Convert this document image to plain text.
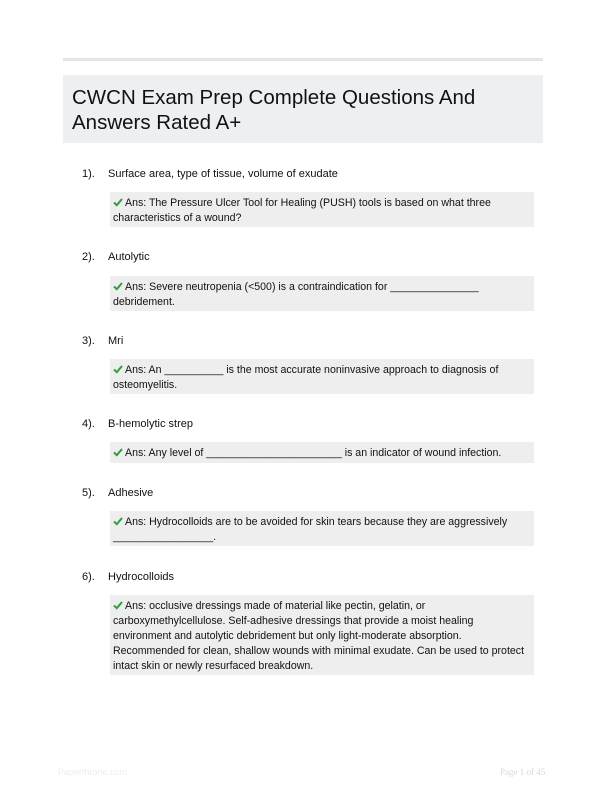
CWCN Exam Prep Complete Questions And Answers Rated A+
1). Surface area, type of tissue, volume of exudate
Ans: The Pressure Ulcer Tool for Healing (PUSH) tools is based on what three characteristics of a wound?
2). Autolytic
Ans: Severe neutropenia (<500) is a contraindication for _______________ debridement.
3). Mri
Ans: An __________ is the most accurate noninvasive approach to diagnosis of osteomyelitis.
4). B-hemolytic strep
Ans: Any level of _______________________ is an indicator of wound infection.
5). Adhesive
Ans: Hydrocolloids are to be avoided for skin tears because they are aggressively _________________.
6). Hydrocolloids
Ans: occlusive dressings made of material like pectin, gelatin, or carboxymethylcellulose. Self-adhesive dressings that provide a moist healing environment and autolytic debridement but only light-moderate absorption. Recommended for clean, shallow wounds with minimal exudate. Can be used to protect intact skin or newly resurfaced breakdown.
Paperthrone.com	Page 1 of 45
